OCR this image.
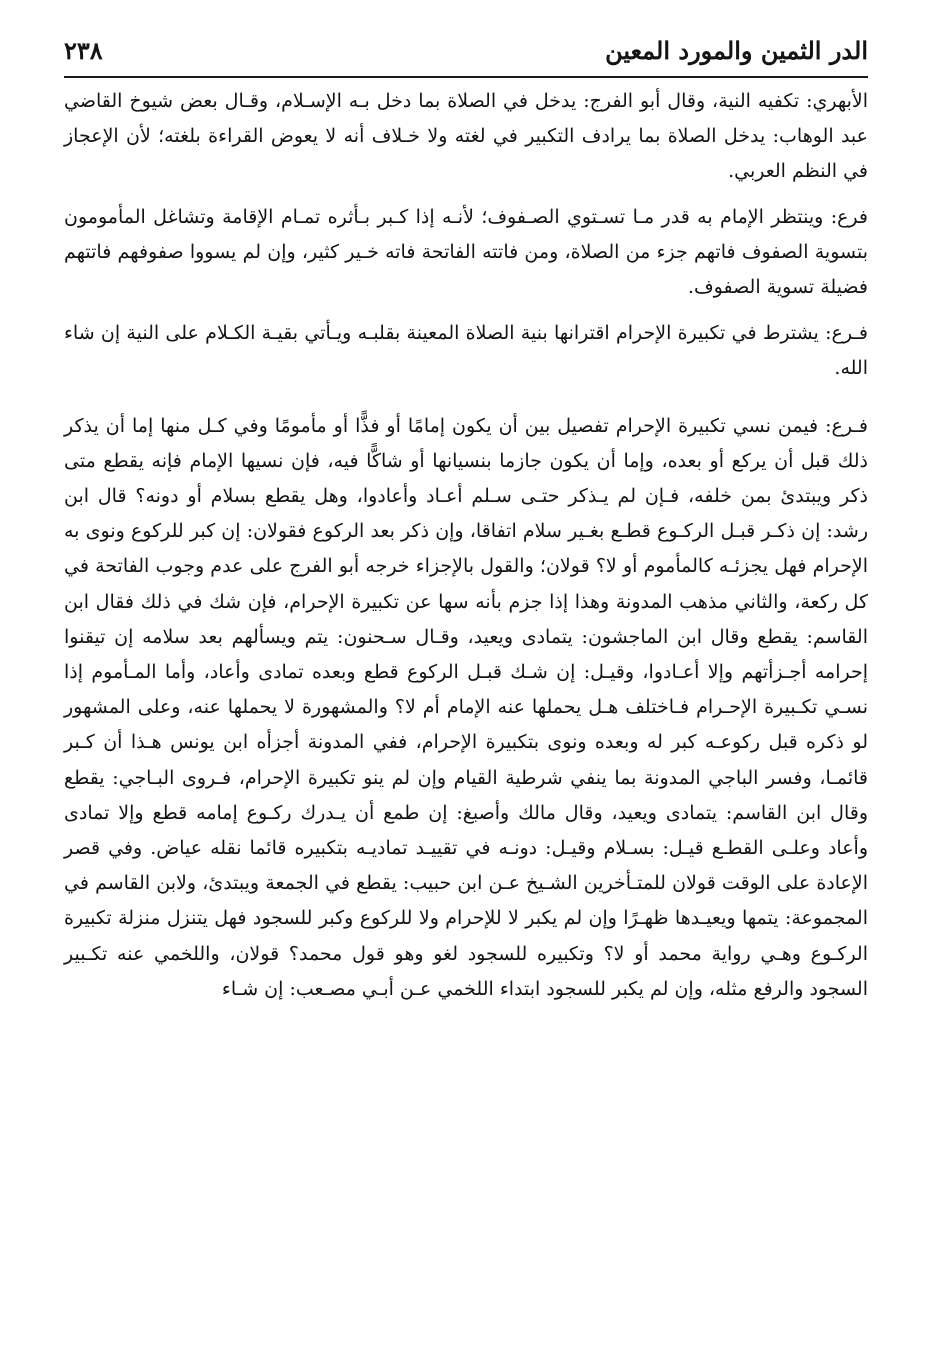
الدر الثمين والمورد المعين
٢٣٨

الأبهري: تكفيه النية، وقال أبو الفرج: يدخل في الصلاة بما دخل بـه الإسـلام، وقـال بعض شيوخ القاضي عبد الوهاب: يدخل الصلاة بما يرادف التكبير في لغته ولا خـلاف أنه لا يعوض القراءة بلغته؛ لأن الإعجاز في النظم العربي.

فرع: وينتظر الإمام به قدر مـا تسـتوي الصـفوف؛ لأنـه إذا كـبر بـأثره تمـام الإقامة وتشاغل المأمومون بتسوية الصفوف فاتهم جزء من الصلاة، ومن فاتته الفاتحة فاته خـير كثير، وإن لم يسووا صفوفهم فاتتهم فضيلة تسوية الصفوف.

فـرع: يشترط في تكبيرة الإحرام اقترانها بنية الصلاة المعينة بقلبـه ويـأتي بقيـة الكـلام على النية إن شاء الله.

فـرع: فيمن نسي تكبيرة الإحرام تفصيل بين أن يكون إمامًا أو فذًّا أو مأمومًا وفي كـل منها إما أن يذكر ذلك قبل أن يركع أو بعده، وإما أن يكون جازما بنسيانها أو شاكًّا فيه، فإن نسيها الإمام فإنه يقطع متى ذكر ويبتدئ بمن خلفه، فـإن لم يـذكر حتـى سـلم أعـاد وأعادوا، وهل يقطع بسلام أو دونه؟ قال ابن رشد: إن ذكـر قبـل الركـوع قطـع بغـير سلام اتفاقا، وإن ذكر بعد الركوع فقولان: إن كبر للركوع ونوى به الإحرام فهل يجزئـه كالمأموم أو لا؟ قولان؛ والقول بالإجزاء خرجه أبو الفرج على عدم وجوب الفاتحة في كل ركعة، والثاني مذهب المدونة وهذا إذا جزم بأنه سها عن تكبيرة الإحرام، فإن شك في ذلك فقال ابن القاسم: يقطع وقال ابن الماجشون: يتمادى ويعيد، وقـال سـحنون: يتم ويسألهم بعد سلامه إن تيقنوا إحرامه أجـزأتهم وإلا أعـادوا، وقيـل: إن شـك قبـل الركوع قطع وبعده تمادى وأعاد، وأما المـأموم إذا نسـي تكـبيرة الإحـرام فـاختلف هـل يحملها عنه الإمام أم لا؟ والمشهورة لا يحملها عنه، وعلى المشهور لو ذكره قبل ركوعـه كبر له وبعده ونوى بتكبيرة الإحرام، ففي المدونة أجزأه ابن يونس هـذا أن كـبر قائمـا، وفسر الباجي المدونة بما ينفي شرطية القيام وإن لم ينو تكبيرة الإحرام، فـروى البـاجي: يقطع وقال ابن القاسم: يتمادى ويعيد، وقال مالك وأصبغ: إن طمع أن يـدرك ركـوع إمامه قطع وإلا تمادى وأعاد وعلـى القطـع قيـل: بسـلام وقيـل: دونـه في تقييـد تماديـه بتكبيره قائما نقله عياض. وفي قصر الإعادة على الوقت قولان للمتـأخرين الشـيخ عـن ابن حبيب: يقطع في الجمعة ويبتدئ، ولابن القاسم في المجموعة: يتمها ويعيـدها ظهـرًا وإن لم يكبر لا للإحرام ولا للركوع وكبر للسجود فهل يتنزل منزلة تكبيرة الركـوع وهـي رواية محمد أو لا؟ وتكبيره للسجود لغو وهو قول محمد؟ قولان، واللخمي عنه تكـبير السجود والرفع مثله، وإن لم يكبر للسجود ابتداء اللخمي عـن أبـي مصـعب: إن شـاء
